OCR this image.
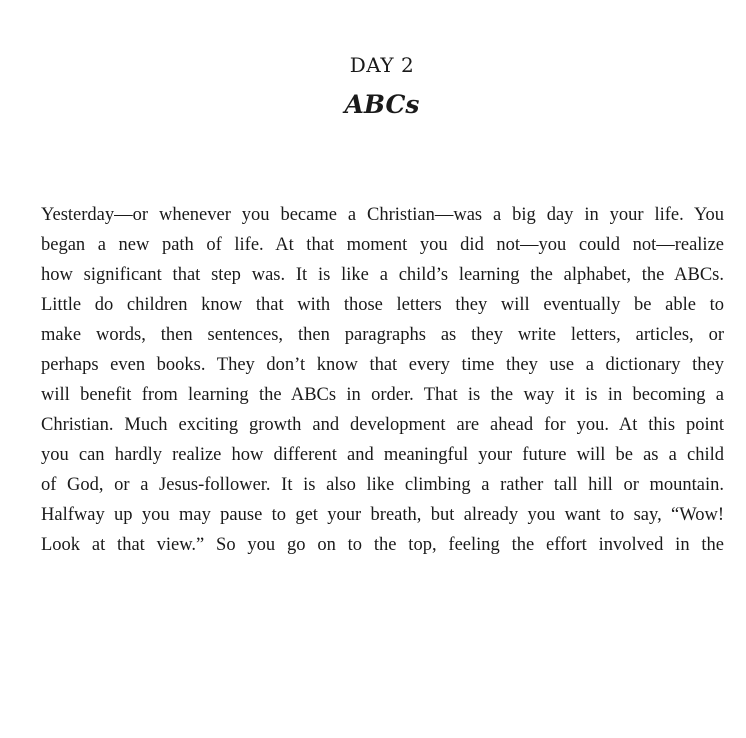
DAY 2
ABCs
Yesterday—or whenever you became a Christian—was a big day in your life. You
began a new path of life. At that moment you did not—you could not—realize
how significant that step was. It is like a child’s learning the alphabet, the ABCs.
Little do children know that with those letters they will eventually be able to
make words, then sentences, then paragraphs as they write letters, articles, or
perhaps even books. They don’t know that every time they use a dictionary they
will benefit from learning the ABCs in order. That is the way it is in becoming a
Christian. Much exciting growth and development are ahead for you. At this point
you can hardly realize how different and meaningful your future will be as a child
of God, or a Jesus-follower. It is also like climbing a rather tall hill or mountain.
Halfway up you may pause to get your breath, but already you want to say, “Wow!
Look at that view.” So you go on to the top, feeling the effort involved in the
